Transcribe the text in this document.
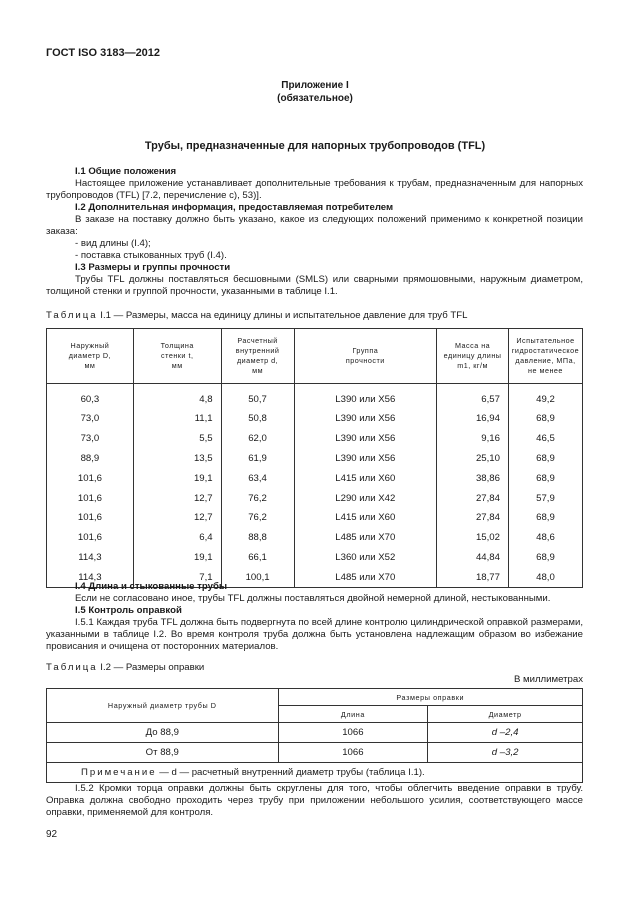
ГОСТ ISO 3183—2012
Приложение I
(обязательное)
Трубы, предназначенные для напорных трубопроводов (TFL)
I.1 Общие положения
Настоящее приложение устанавливает дополнительные требования к трубам, предназначенным для напорных трубопроводов (TFL) [7.2, перечисление c), 53)].
I.2 Дополнительная информация, предоставляемая потребителем
В заказе на поставку должно быть указано, какое из следующих положений применимо к конкретной позиции заказа:
- вид длины (I.4);
- поставка стыкованных труб (I.4).
I.3 Размеры и группы прочности
Трубы TFL должны поставляться бесшовными (SMLS) или сварными прямошовными, наружным диаметром, толщиной стенки и группой прочности, указанными в таблице I.1.
Таблица I.1 — Размеры, масса на единицу длины и испытательное давление для труб TFL
Наружный
диаметр D,
мм	Толщина
стенки t,
мм	Расчетный
внутренний
диаметр d,
мм	Группа
прочности	Масса на
единицу длины
m1, кг/м	Испытательное
гидростатическое
давление, МПа,
не менее
60,3	4,8	50,7	L390 или X56	6,57	49,2
73,0	11,1	50,8	L390 или X56	16,94	68,9
73,0	5,5	62,0	L390 или X56	9,16	46,5
88,9	13,5	61,9	L390 или X56	25,10	68,9
101,6	19,1	63,4	L415 или X60	38,86	68,9
101,6	12,7	76,2	L290 или X42	27,84	57,9
101,6	12,7	76,2	L415 или X60	27,84	68,9
101,6	6,4	88,8	L485 или X70	15,02	48,6
114,3	19,1	66,1	L360 или X52	44,84	68,9
114,3	7,1	100,1	L485 или X70	18,77	48,0
I.4 Длина и стыкованные трубы
Если не согласовано иное, трубы TFL должны поставляться двойной немерной длиной, нестыкованными.
I.5 Контроль оправкой
I.5.1 Каждая труба TFL должна быть подвергнута по всей длине контролю цилиндрической оправкой размерами, указанными в таблице I.2. Во время контроля труба должна быть установлена надлежащим образом во избежание провисания и очищена от посторонних материалов.
Таблица I.2 — Размеры оправки
В миллиметрах
Наружный диаметр трубы D	Размеры оправки	
	Длина	Диаметр
До 88,9	1066	d –2,4
От 88,9	1066	d –3,2
Примечание — d — расчетный внутренний диаметр трубы (таблица I.1).		
I.5.2 Кромки торца оправки должны быть скруглены для того, чтобы облегчить введение оправки в трубу. Оправка должна свободно проходить через трубу при приложении небольшого усилия, соответствующего массе оправки, применяемой для контроля.
92
